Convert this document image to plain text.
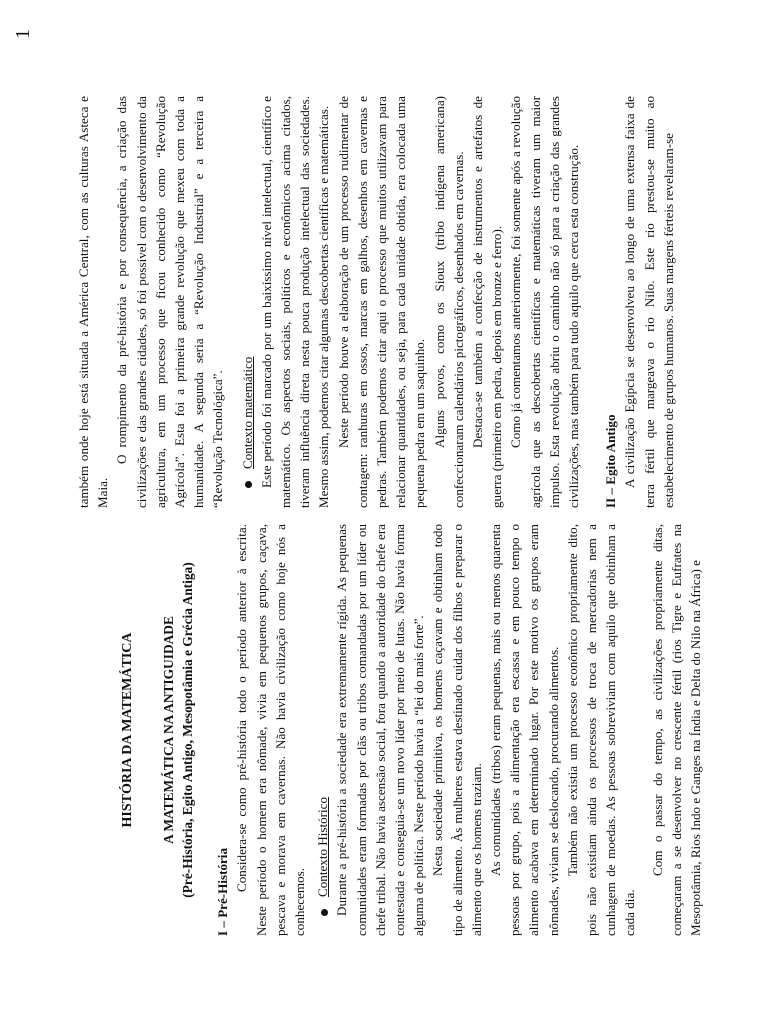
1
HISTÓRIA DA MATEMÁTICA A MATEMÁTICA NA ANTIGUIDADE (Pré-História, Egito Antigo, Mesopotâmia e Grécia Antiga) I – Pré-História Considera-se como pré-história todo o período anterior à escrita. Neste período o homem era nômade, vivia em pequenos grupos, caçava, pescava e morava em cavernas. Não havia civilização como hoje nós a conhecemos.

Contexto Histórico Durante a pré-história a sociedade era extremamente rígida. As pequenas comunidades eram formadas por clãs ou tribos comandadas por um líder ou chefe tribal. Não havia ascensão social, fora quando a autoridade do chefe era contestada e conseguia-se um novo líder por meio de lutas. Não havia forma alguma de política. Neste período havia a “lei do mais forte”. Nesta sociedade primitiva, os homens caçavam e obtinham todo tipo de alimento. Às mulheres estava destinado cuidar dos filhos e preparar o alimento que os homens traziam. As comunidades (tribos) eram pequenas, mais ou menos quarenta pessoas por grupo, pois a alimentação era escassa e em pouco tempo o alimento acabava em determinado lugar. Por este motivo os grupos eram nômades, viviam se deslocando, procurando alimentos. Também não existia um processo econômico propriamente dito, pois não existiam ainda os processos de troca de mercadorias nem a cunhagem de moedas. As pessoas sobreviviam com aquilo que obtinham a cada dia.

Com o passar do tempo, as civilizações propriamente ditas, começaram a se desenvolver no crescente fértil (rios Tigre e Eufrates na Mesopotâmia, Rios Indo e Ganges na Índia e Delta do Nilo na África) e

também onde hoje está situada a América Central, com as culturas Asteca e Maia.

O rompimento da pré-história e por consequência, a criação das civilizações e das grandes cidades, só foi possível com o desenvolvimento da agricultura, em um processo que ficou conhecido como “Revolução Agrícola”. Esta foi a primeira grande revolução que mexeu com toda a humanidade. A segunda seria a “Revolução Industrial” e a terceira a “Revolução Tecnológica”. Contexto matemático Este período foi marcado por um baixíssimo nível intelectual, científico e matemático. Os aspectos sociais, políticos e econômicos acima citados, tiveram influência direta nesta pouca produção intelectual das sociedades. Mesmo assim, podemos citar algumas descobertas científicas e matemáticas. Neste período houve a elaboração de um processo rudimentar de contagem: ranhuras em ossos, marcas em galhos, desenhos em cavernas e pedras. Também podemos citar aqui o processo que muitos utilizavam para relacionar quantidades, ou seja, para cada unidade obtida, era colocada uma pequena pedra em um saquinho. Alguns povos, como os Sioux (tribo indígena americana) confeccionaram calendários pictográficos, desenhados em cavernas. Destaca-se também a confecção de instrumentos e artefatos de guerra (primeiro em pedra, depois em bronze e ferro). Como já comentamos anteriormente, foi somente após a revolução agrícola que as descobertas científicas e matemáticas tiveram um maior impulso. Esta revolução abriu o caminho não só para a criação das grandes civilizações, mas também para tudo aquilo que cerca esta construção. II – Egito Antigo A civilização Egípcia se desenvolveu ao longo de uma extensa faixa de terra fértil que margeava o rio Nilo. Este rio prestou-se muito ao estabelecimento de grupos humanos. Suas margens férteis revelaram-se
